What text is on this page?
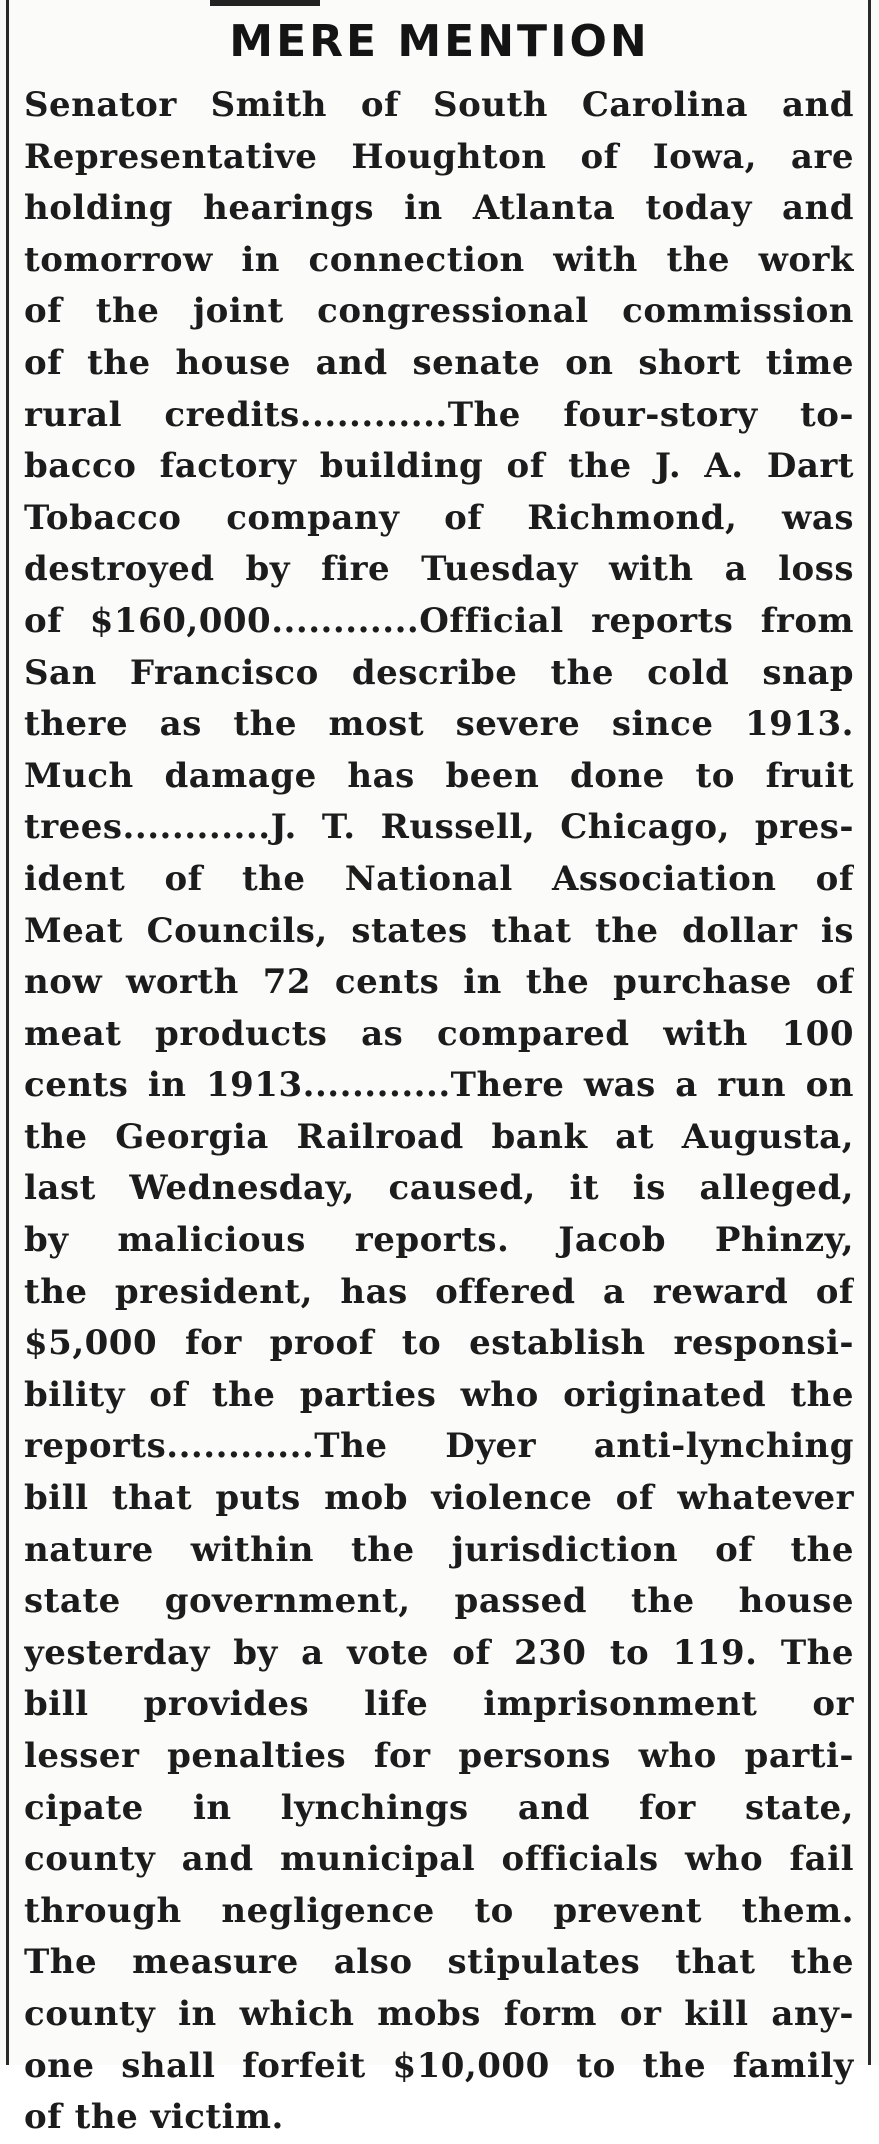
MERE MENTION
Senator Smith of South Carolina and
Representative Houghton of Iowa, are
holding hearings in Atlanta today and
tomorrow in connection with the work
of the joint congressional commission
of the house and senate on short time
rural credits............The four-story to-
bacco factory building of the J. A. Dart
Tobacco company of Richmond, was
destroyed by fire Tuesday with a loss
of $160,000............Official reports from
San Francisco describe the cold snap
there as the most severe since 1913.
Much damage has been done to fruit
trees............J. T. Russell, Chicago, pres-
ident of the National Association of
Meat Councils, states that the dollar is
now worth 72 cents in the purchase of
meat products as compared with 100
cents in 1913............There was a run on
the Georgia Railroad bank at Augusta,
last Wednesday, caused, it is alleged,
by malicious reports. Jacob Phinzy,
the president, has offered a reward of
$5,000 for proof to establish responsi-
bility of the parties who originated the
reports............The Dyer anti-lynching
bill that puts mob violence of whatever
nature within the jurisdiction of the
state government, passed the house
yesterday by a vote of 230 to 119. The
bill provides life imprisonment or
lesser penalties for persons who parti-
cipate in lynchings and for state,
county and municipal officials who fail
through negligence to prevent them.
The measure also stipulates that the
county in which mobs form or kill any-
one shall forfeit $10,000 to the family
of the victim.
